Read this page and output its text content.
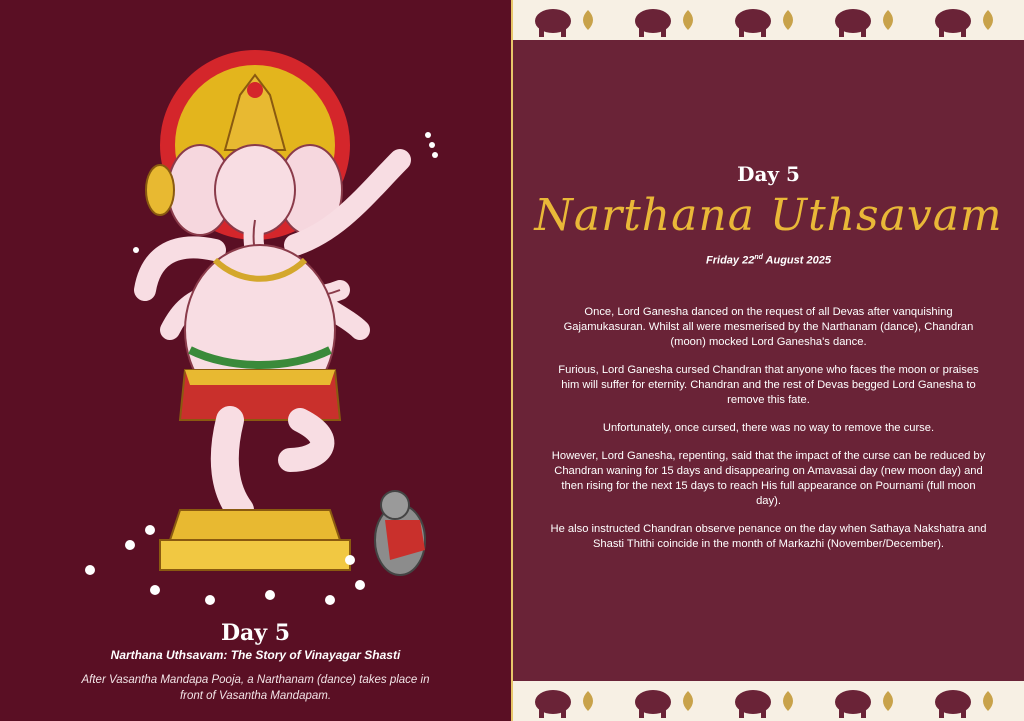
Day 5
Narthana Uthsavam: The Story of Vinayagar Shasti
After Vasantha Mandapa Pooja, a Narthanam (dance) takes place in front of Vasantha Mandapam.
Day 5
Narthana Uthsavam
Friday 22nd August 2025

Once, Lord Ganesha danced on the request of all Devas after vanquishing Gajamukasuran. Whilst all were mesmerised by the Narthanam (dance), Chandran (moon) mocked Lord Ganesha's dance.

Furious, Lord Ganesha cursed Chandran that anyone who faces the moon or praises him will suffer for eternity. Chandran and the rest of Devas begged Lord Ganesha to remove this fate.

Unfortunately, once cursed, there was no way to remove the curse.

However, Lord Ganesha, repenting, said that the impact of the curse can be reduced by Chandran waning for 15 days and disappearing on Amavasai day (new moon day) and then rising for the next 15 days to reach His full appearance on Pournami (full moon day).

He also instructed Chandran observe penance on the day when Sathaya Nakshatra and Shasti Thithi coincide in the month of Markazhi (November/December).
